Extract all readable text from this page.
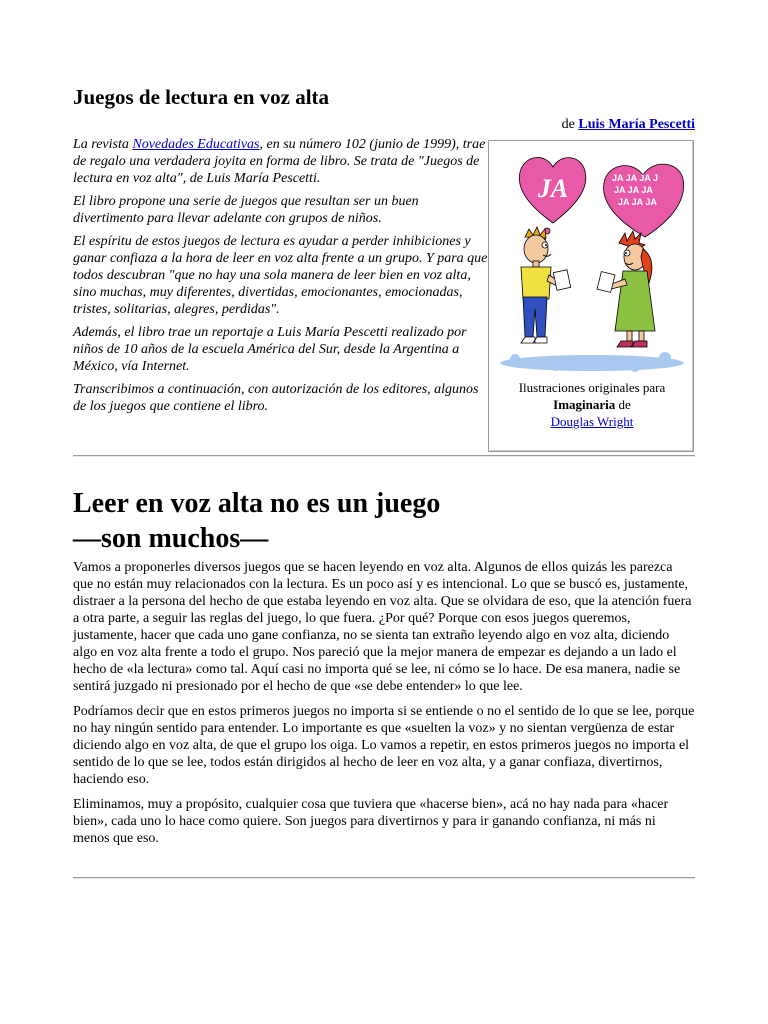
Juegos de lectura en voz alta
de Luis María Pescetti

La revista Novedades Educativas, en su número 102 (junio de 1999), trae de regalo una verdadera joyita en forma de libro. Se trata de "Juegos de lectura en voz alta", de Luis María Pescetti.

El libro propone una serie de juegos que resultan ser un buen divertimento para llevar adelante con grupos de niños.

El espíritu de estos juegos de lectura es ayudar a perder inhibiciones y ganar confiaza a la hora de leer en voz alta frente a un grupo. Y para que todos descubran "que no hay una sola manera de leer bien en voz alta, sino muchas, muy diferentes, divertidas, emocionantes, emocionadas, tristes, solitarias, alegres, perdidas".

Además, el libro trae un reportaje a Luis María Pescetti realizado por niños de 10 años de la escuela América del Sur, desde la Argentina a México, vía Internet.

Transcribimos a continuación, con autorización de los editores, algunos de los juegos que contiene el libro.

JA	JA JA JA J JA JA JA JA JA JA
Ilustraciones originales para
Imaginaria de
Douglas Wright
Leer en voz alta no es un juego
—son muchos—

Vamos a proponerles diversos juegos que se hacen leyendo en voz alta. Algunos de ellos quizás les parezca que no están muy relacionados con la lectura. Es un poco así y es intencional. Lo que se buscó es, justamente, distraer a la persona del hecho de que estaba leyendo en voz alta. Que se olvidara de eso, que la atención fuera a otra parte, a seguir las reglas del juego, lo que fuera. ¿Por qué? Porque con esos juegos queremos, justamente, hacer que cada uno gane confianza, no se sienta tan extraño leyendo algo en voz alta, diciendo algo en voz alta frente a todo el grupo. Nos pareció que la mejor manera de empezar es dejando a un lado el hecho de «la lectura» como tal. Aquí casi no importa qué se lee, ni cómo se lo hace. De esa manera, nadie se sentirá juzgado ni presionado por el hecho de que «se debe entender» lo que lee.

Podríamos decir que en estos primeros juegos no importa si se entiende o no el sentido de lo que se lee, porque no hay ningún sentido para entender. Lo importante es que «suelten la voz» y no sientan vergüenza de estar diciendo algo en voz alta, de que el grupo los oiga. Lo vamos a repetir, en estos primeros juegos no importa el sentido de lo que se lee, todos están dirigidos al hecho de leer en voz alta, y a ganar confiaza, divertirnos, haciendo eso.

Eliminamos, muy a propósito, cualquier cosa que tuviera que «hacerse bien», acá no hay nada para «hacer bien», cada uno lo hace como quiere. Son juegos para divertirnos y para ir ganando confianza, ni más ni menos que eso.
